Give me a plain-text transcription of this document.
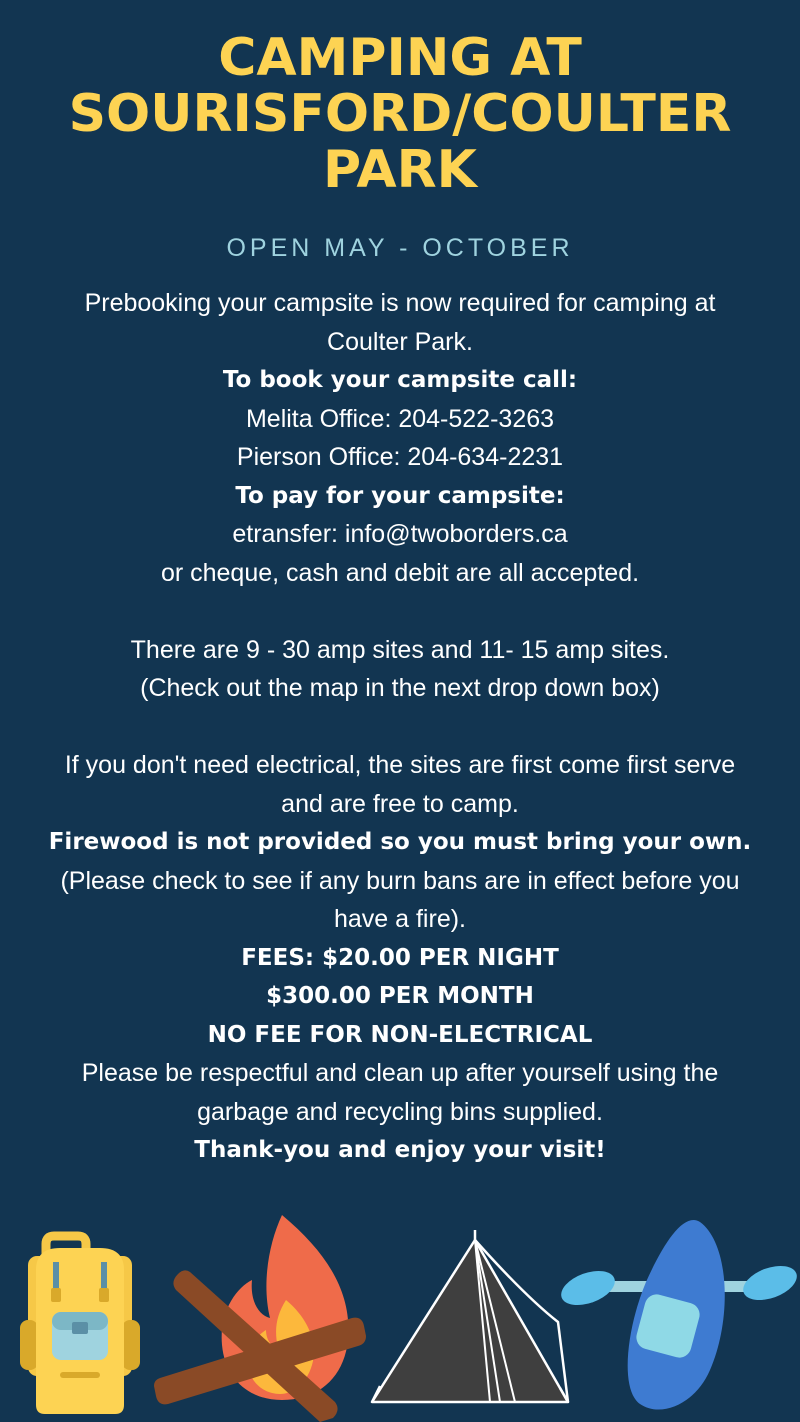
CAMPING AT
SOURISFORD/COULTER
PARK
OPEN MAY - OCTOBER
Prebooking your campsite is now required for camping at
Coulter Park.
To book your campsite call:
Melita Office: 204-522-3263
Pierson Office: 204-634-2231
To pay for your campsite:
etransfer: info@twoborders.ca
or cheque, cash and debit are all accepted.
There are 9 - 30 amp sites and 11- 15 amp sites.
(Check out the map in the next drop down box)
If you don't need electrical, the sites are first come first serve
and are free to camp.
Firewood is not provided so you must bring your own.
(Please check to see if any burn bans are in effect before you
have a fire).
FEES: $20.00 PER NIGHT
$300.00 PER MONTH
NO FEE FOR NON-ELECTRICAL
Please be respectful and clean up after yourself using the
garbage and recycling bins supplied.
Thank-you and enjoy your visit!
